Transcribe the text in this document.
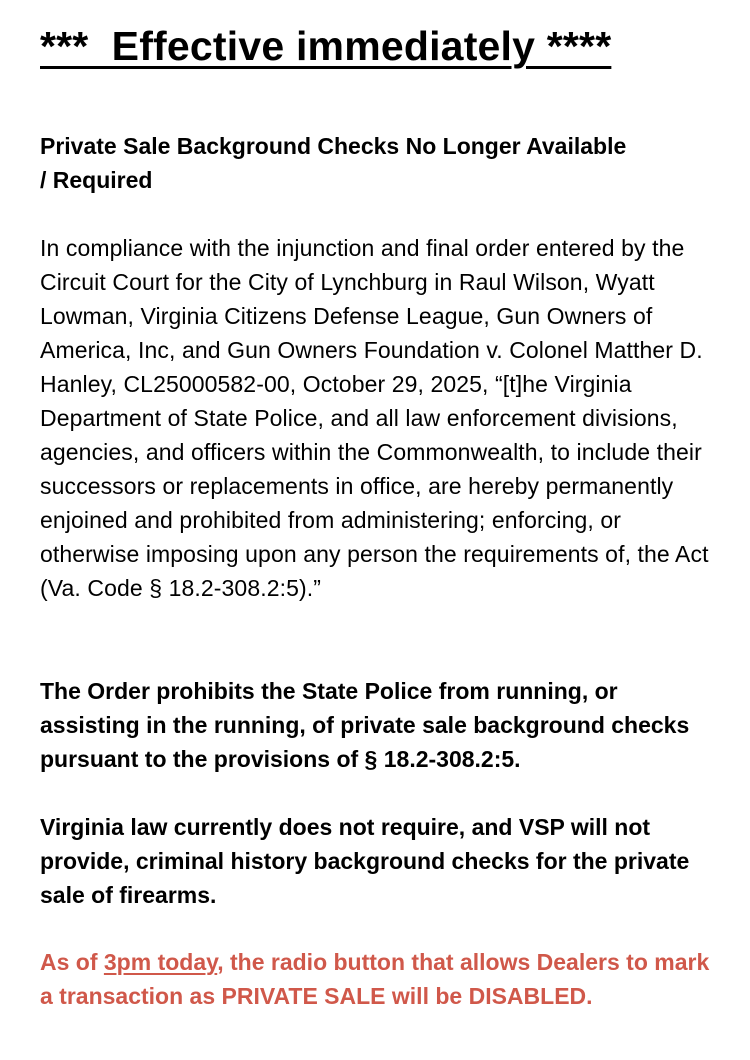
***  Effective immediately ****

Private Sale Background Checks No Longer Available / Required

In compliance with the injunction and final order entered by the Circuit Court for the City of Lynchburg in Raul Wilson, Wyatt Lowman, Virginia Citizens Defense League, Gun Owners of America, Inc, and Gun Owners Foundation v. Colonel Matther D. Hanley, CL25000582-00, October 29, 2025, “[t]he Virginia Department of State Police, and all law enforcement divisions, agencies, and officers within the Commonwealth, to include their successors or replacements in office, are hereby permanently enjoined and prohibited from administering; enforcing, or otherwise imposing upon any person the requirements of, the Act (Va. Code § 18.2-308.2:5).”

The Order prohibits the State Police from running, or assisting in the running, of private sale background checks pursuant to the provisions of § 18.2-308.2:5.

Virginia law currently does not require, and VSP will not provide, criminal history background checks for the private sale of firearms.

As of 3pm today, the radio button that allows Dealers to mark a transaction as PRIVATE SALE will be DISABLED.
